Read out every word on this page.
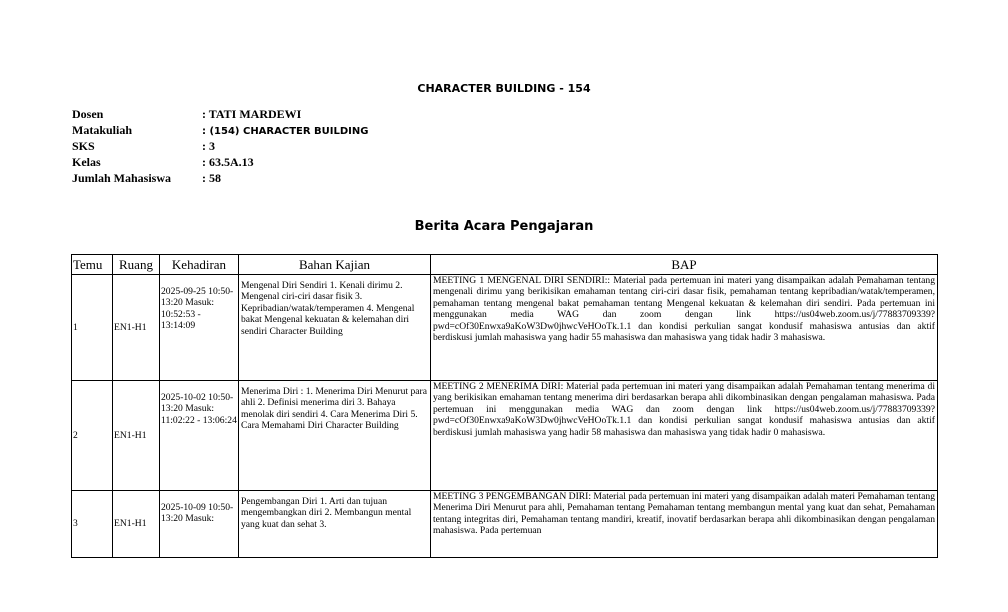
CHARACTER BUILDING - 154
Dosen	: TATI MARDEWI
Matakuliah	: (154) CHARACTER BUILDING
SKS	: 3
Kelas	: 63.5A.13
Jumlah Mahasiswa	: 58
Berita Acara Pengajaran
Temu	Ruang	Kehadiran	Bahan Kajian	BAP
1	EN1-H1	2025-09-25 10:50-13:20 Masuk: 10:52:53 - 13:14:09	Mengenal Diri Sendiri 1. Kenali dirimu 2. Mengenal ciri-ciri dasar fisik 3. Kepribadian/watak/temperamen 4. Mengenal bakat Mengenal kekuatan & kelemahan diri sendiri Character Building	MEETING 1 MENGENAL DIRI SENDIRI:: Material pada pertemuan ini materi yang disampaikan adalah Pemahaman tentang mengenali dirimu yang berikisikan emahaman tentang ciri-ciri dasar fisik, pemahaman tentang kepribadian/watak/temperamen, pemahaman tentang mengenal bakat pemahaman tentang Mengenal kekuatan & kelemahan diri sendiri. Pada pertemuan ini menggunakan media WAG dan zoom dengan link https://us04web.zoom.us/j/77883709339?pwd=cOf30Enwxa9aKoW3Dw0jhwcVeHOoTk.1.1 dan kondisi perkulian sangat kondusif mahasiswa antusias dan aktif berdiskusi jumlah mahasiswa yang hadir 55 mahasiswa dan mahasiswa yang tidak hadir 3 mahasiswa.
2	EN1-H1	2025-10-02 10:50-13:20 Masuk: 11:02:22 - 13:06:24	Menerima Diri : 1. Menerima Diri Menurut para ahli 2. Definisi menerima diri 3. Bahaya menolak diri sendiri 4. Cara Menerima Diri 5. Cara Memahami Diri Character Building	MEETING 2 MENERIMA DIRI: Material pada pertemuan ini materi yang disampaikan adalah Pemahaman tentang menerima di yang berikisikan emahaman tentang menerima diri berdasarkan berapa ahli dikombinasikan dengan pengalaman mahasiswa. Pada pertemuan ini menggunakan media WAG dan zoom dengan link https://us04web.zoom.us/j/77883709339?pwd=cOf30Enwxa9aKoW3Dw0jhwcVeHOoTk.1.1 dan kondisi perkulian sangat kondusif mahasiswa antusias dan aktif berdiskusi jumlah mahasiswa yang hadir 58 mahasiswa dan mahasiswa yang tidak hadir 0 mahasiswa.
3	EN1-H1	2025-10-09 10:50-13:20 Masuk:	Pengembangan Diri 1. Arti dan tujuan mengembangkan diri 2. Membangun mental yang kuat dan sehat 3.	MEETING 3 PENGEMBANGAN DIRI: Material pada pertemuan ini materi yang disampaikan adalah materi Pemahaman tentang Menerima Diri Menurut para ahli, Pemahaman tentang Pemahaman tentang membangun mental yang kuat dan sehat, Pemahaman tentang integritas diri, Pemahaman tentang mandiri, kreatif, inovatif berdasarkan berapa ahli dikombinasikan dengan pengalaman mahasiswa. Pada pertemuan
